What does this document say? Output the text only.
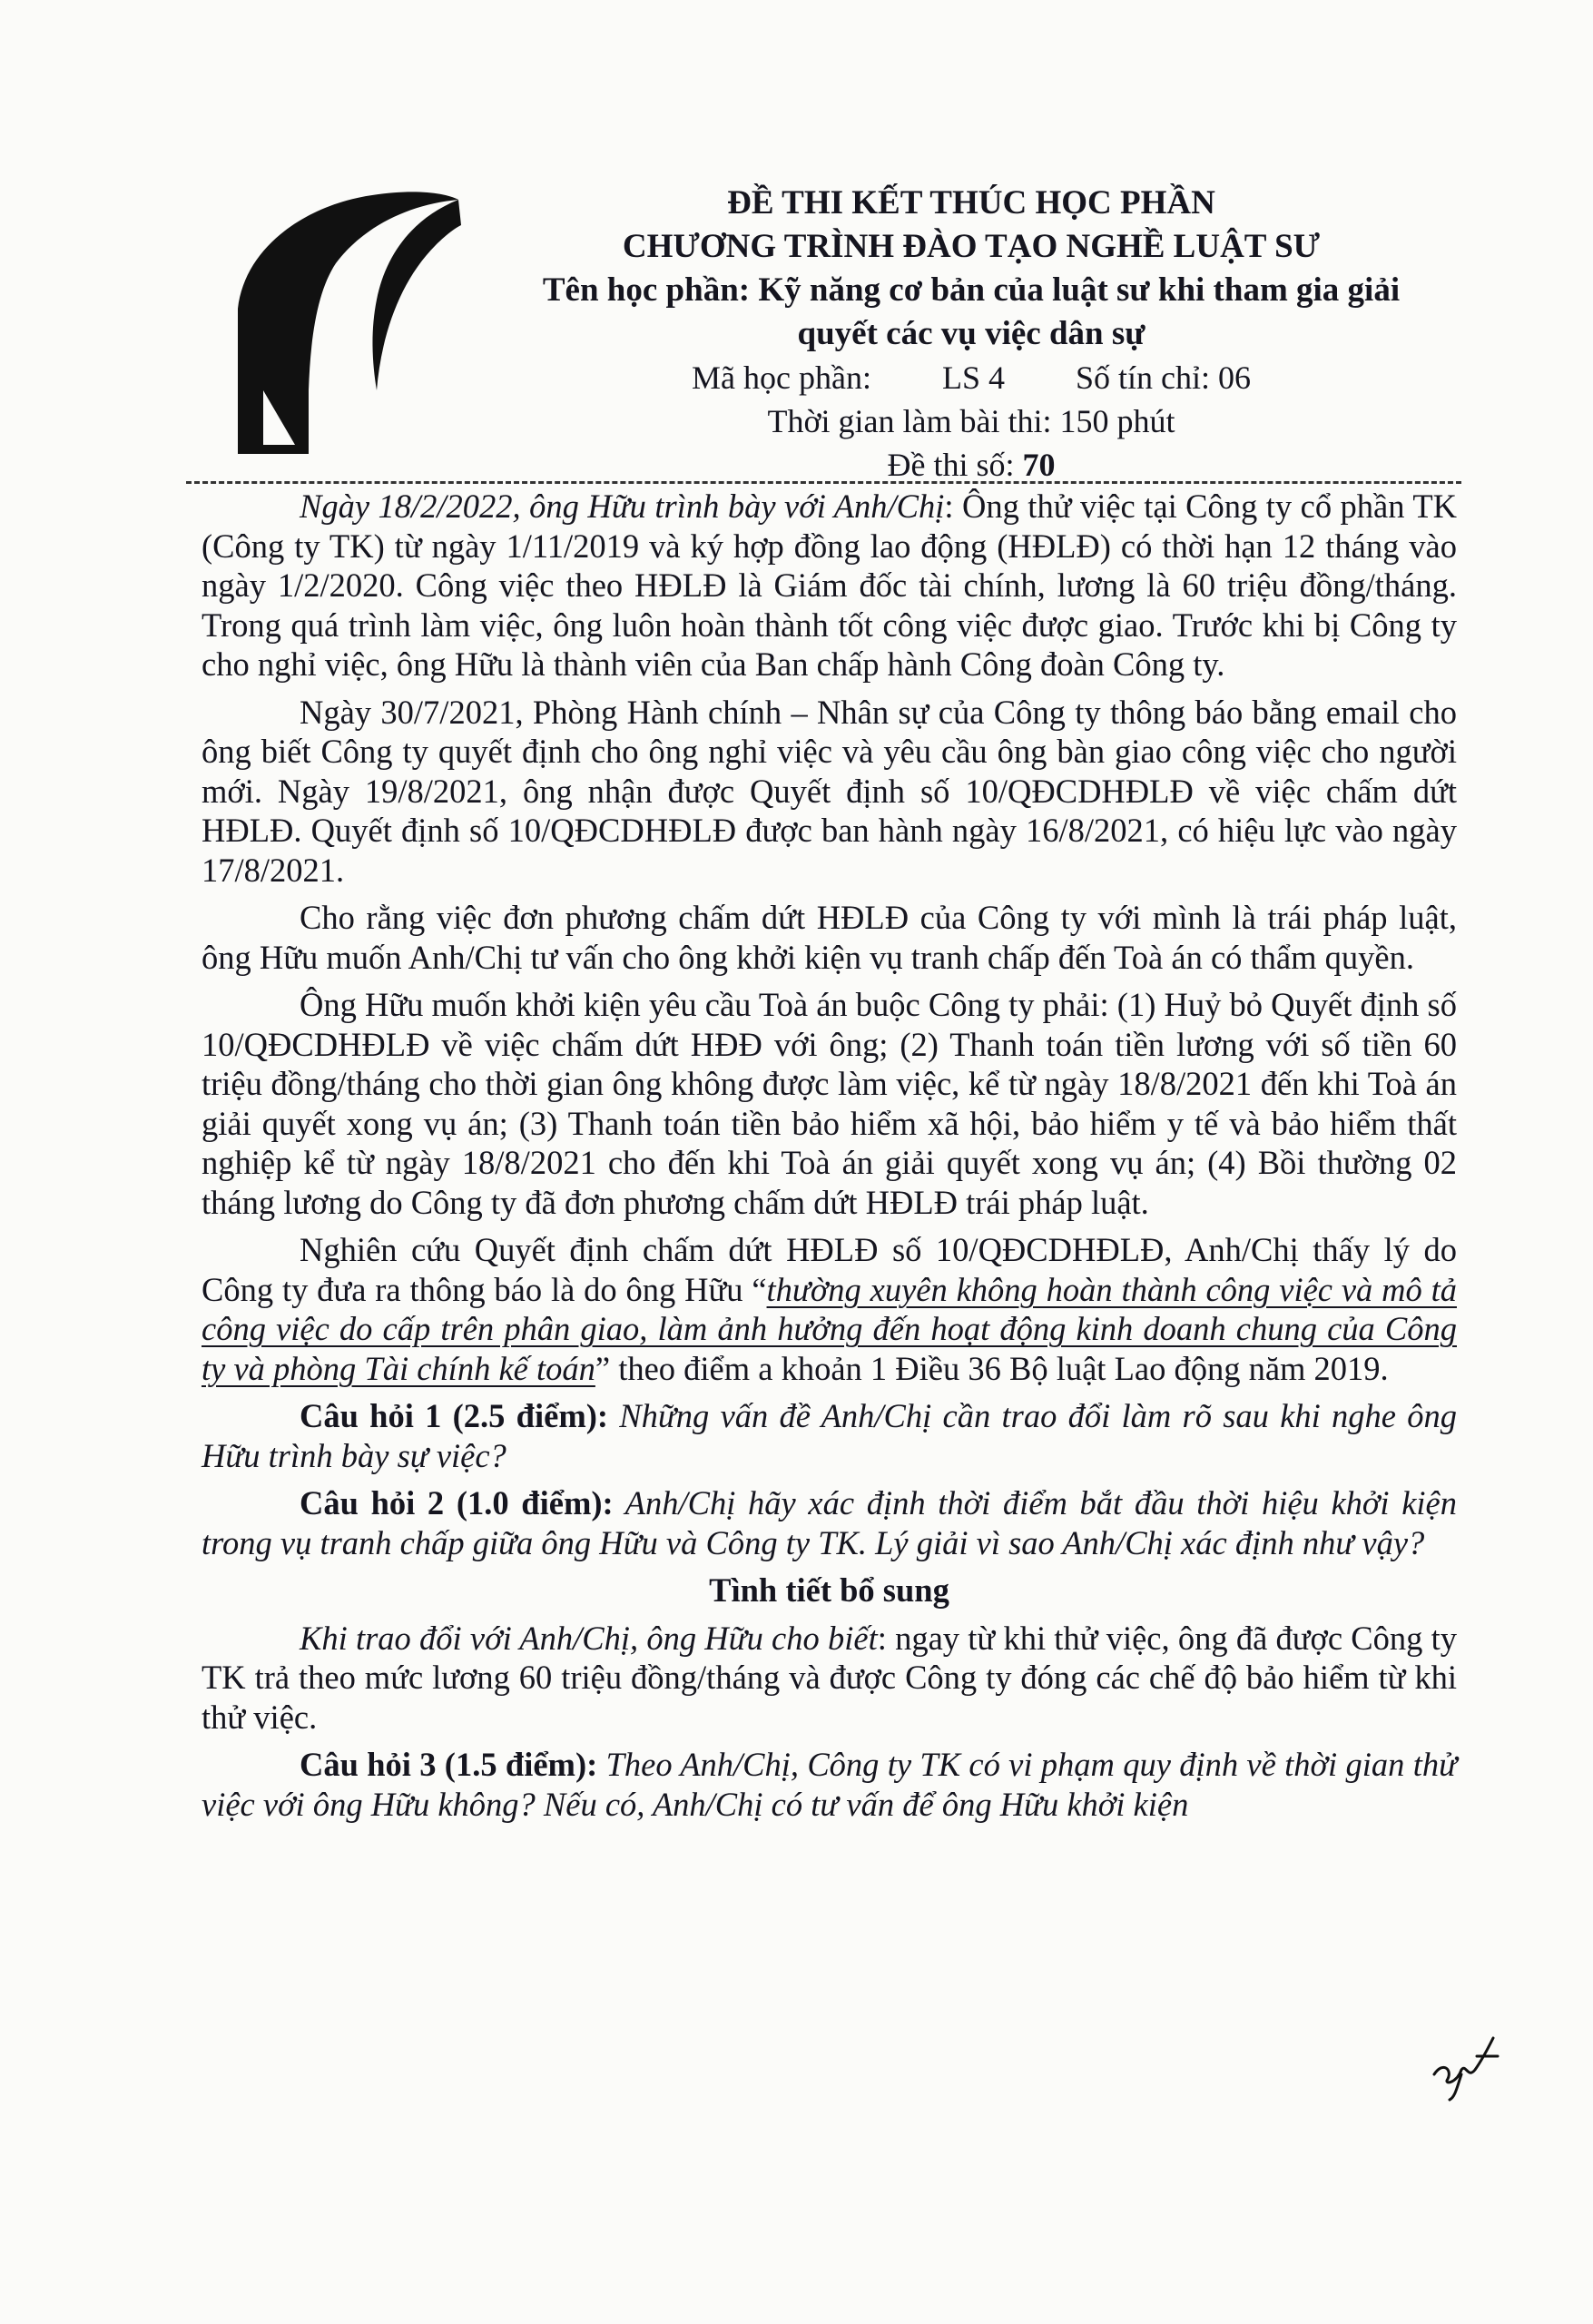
ĐỀ THI KẾT THÚC HỌC PHẦN
CHƯƠNG TRÌNH ĐÀO TẠO NGHỀ LUẬT SƯ
Tên học phần: Kỹ năng cơ bản của luật sư khi tham gia giải
quyết các vụ việc dân sự
Mã học phần: LS 4 Số tín chỉ: 06
Thời gian làm bài thi: 150 phút
Đề thi số: 70

Ngày 18/2/2022, ông Hữu trình bày với Anh/Chị: Ông thử việc tại Công ty cổ phần TK (Công ty TK) từ ngày 1/11/2019 và ký hợp đồng lao động (HĐLĐ) có thời hạn 12 tháng vào ngày 1/2/2020. Công việc theo HĐLĐ là Giám đốc tài chính, lương là 60 triệu đồng/tháng. Trong quá trình làm việc, ông luôn hoàn thành tốt công việc được giao. Trước khi bị Công ty cho nghỉ việc, ông Hữu là thành viên của Ban chấp hành Công đoàn Công ty.

Ngày 30/7/2021, Phòng Hành chính – Nhân sự của Công ty thông báo bằng email cho ông biết Công ty quyết định cho ông nghỉ việc và yêu cầu ông bàn giao công việc cho người mới. Ngày 19/8/2021, ông nhận được Quyết định số 10/QĐCDHĐLĐ về việc chấm dứt HĐLĐ. Quyết định số 10/QĐCDHĐLĐ được ban hành ngày 16/8/2021, có hiệu lực vào ngày 17/8/2021.

Cho rằng việc đơn phương chấm dứt HĐLĐ của Công ty với mình là trái pháp luật, ông Hữu muốn Anh/Chị tư vấn cho ông khởi kiện vụ tranh chấp đến Toà án có thẩm quyền.

Ông Hữu muốn khởi kiện yêu cầu Toà án buộc Công ty phải: (1) Huỷ bỏ Quyết định số 10/QĐCDHĐLĐ về việc chấm dứt HĐĐ với ông; (2) Thanh toán tiền lương với số tiền 60 triệu đồng/tháng cho thời gian ông không được làm việc, kể từ ngày 18/8/2021 đến khi Toà án giải quyết xong vụ án; (3) Thanh toán tiền bảo hiểm xã hội, bảo hiểm y tế và bảo hiểm thất nghiệp kể từ ngày 18/8/2021 cho đến khi Toà án giải quyết xong vụ án; (4) Bồi thường 02 tháng lương do Công ty đã đơn phương chấm dứt HĐLĐ trái pháp luật.

Nghiên cứu Quyết định chấm dứt HĐLĐ số 10/QĐCDHĐLĐ, Anh/Chị thấy lý do Công ty đưa ra thông báo là do ông Hữu “thường xuyên không hoàn thành công việc và mô tả công việc do cấp trên phân giao, làm ảnh hưởng đến hoạt động kinh doanh chung của Công ty và phòng Tài chính kế toán” theo điểm a khoản 1 Điều 36 Bộ luật Lao động năm 2019.

Câu hỏi 1 (2.5 điểm): Những vấn đề Anh/Chị cần trao đổi làm rõ sau khi nghe ông Hữu trình bày sự việc?

Câu hỏi 2 (1.0 điểm): Anh/Chị hãy xác định thời điểm bắt đầu thời hiệu khởi kiện trong vụ tranh chấp giữa ông Hữu và Công ty TK. Lý giải vì sao Anh/Chị xác định như vậy?

Tình tiết bổ sung

Khi trao đổi với Anh/Chị, ông Hữu cho biết: ngay từ khi thử việc, ông đã được Công ty TK trả theo mức lương 60 triệu đồng/tháng và được Công ty đóng các chế độ bảo hiểm từ khi thử việc.

Câu hỏi 3 (1.5 điểm): Theo Anh/Chị, Công ty TK có vi phạm quy định về thời gian thử việc với ông Hữu không? Nếu có, Anh/Chị có tư vấn để ông Hữu khởi kiện
